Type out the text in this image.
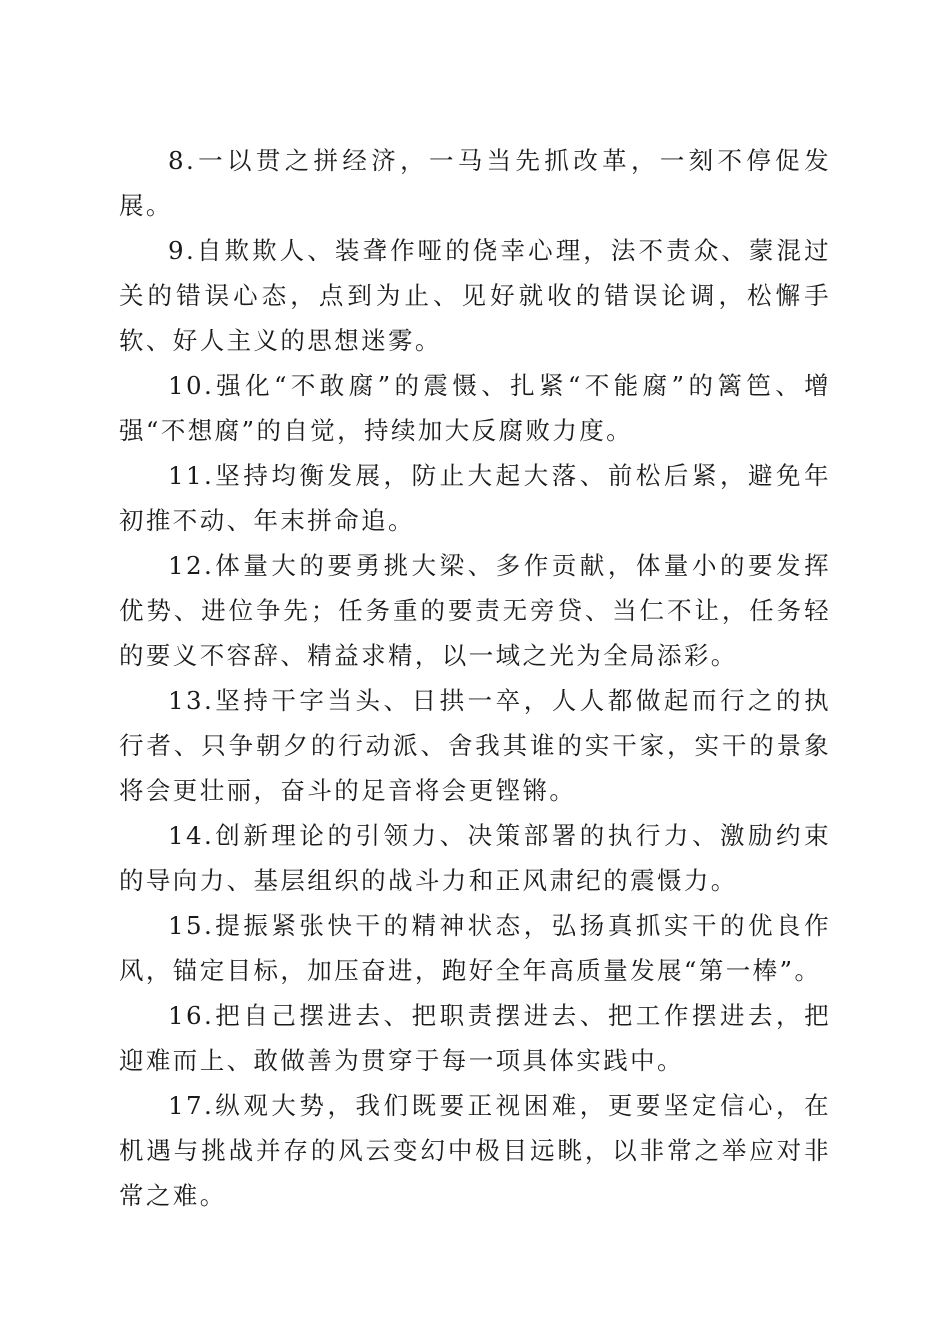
8.一以贯之拼经济，一马当先抓改革，一刻不停促发展。

9.自欺欺人、装聋作哑的侥幸心理，法不责众、蒙混过关的错误心态，点到为止、见好就收的错误论调，松懈手软、好人主义的思想迷雾。

10.强化“不敢腐”的震慑、扎紧“不能腐”的篱笆、增强“不想腐”的自觉，持续加大反腐败力度。

11.坚持均衡发展，防止大起大落、前松后紧，避免年初推不动、年末拼命追。

12.体量大的要勇挑大梁、多作贡献，体量小的要发挥优势、进位争先；任务重的要责无旁贷、当仁不让，任务轻的要义不容辞、精益求精，以一域之光为全局添彩。

13.坚持干字当头、日拱一卒，人人都做起而行之的执行者、只争朝夕的行动派、舍我其谁的实干家，实干的景象将会更壮丽，奋斗的足音将会更铿锵。

14.创新理论的引领力、决策部署的执行力、激励约束的导向力、基层组织的战斗力和正风肃纪的震慑力。

15.提振紧张快干的精神状态，弘扬真抓实干的优良作风，锚定目标，加压奋进，跑好全年高质量发展“第一棒”。

16.把自己摆进去、把职责摆进去、把工作摆进去，把迎难而上、敢做善为贯穿于每一项具体实践中。

17.纵观大势，我们既要正视困难，更要坚定信心，在机遇与挑战并存的风云变幻中极目远眺，以非常之举应对非常之难。
